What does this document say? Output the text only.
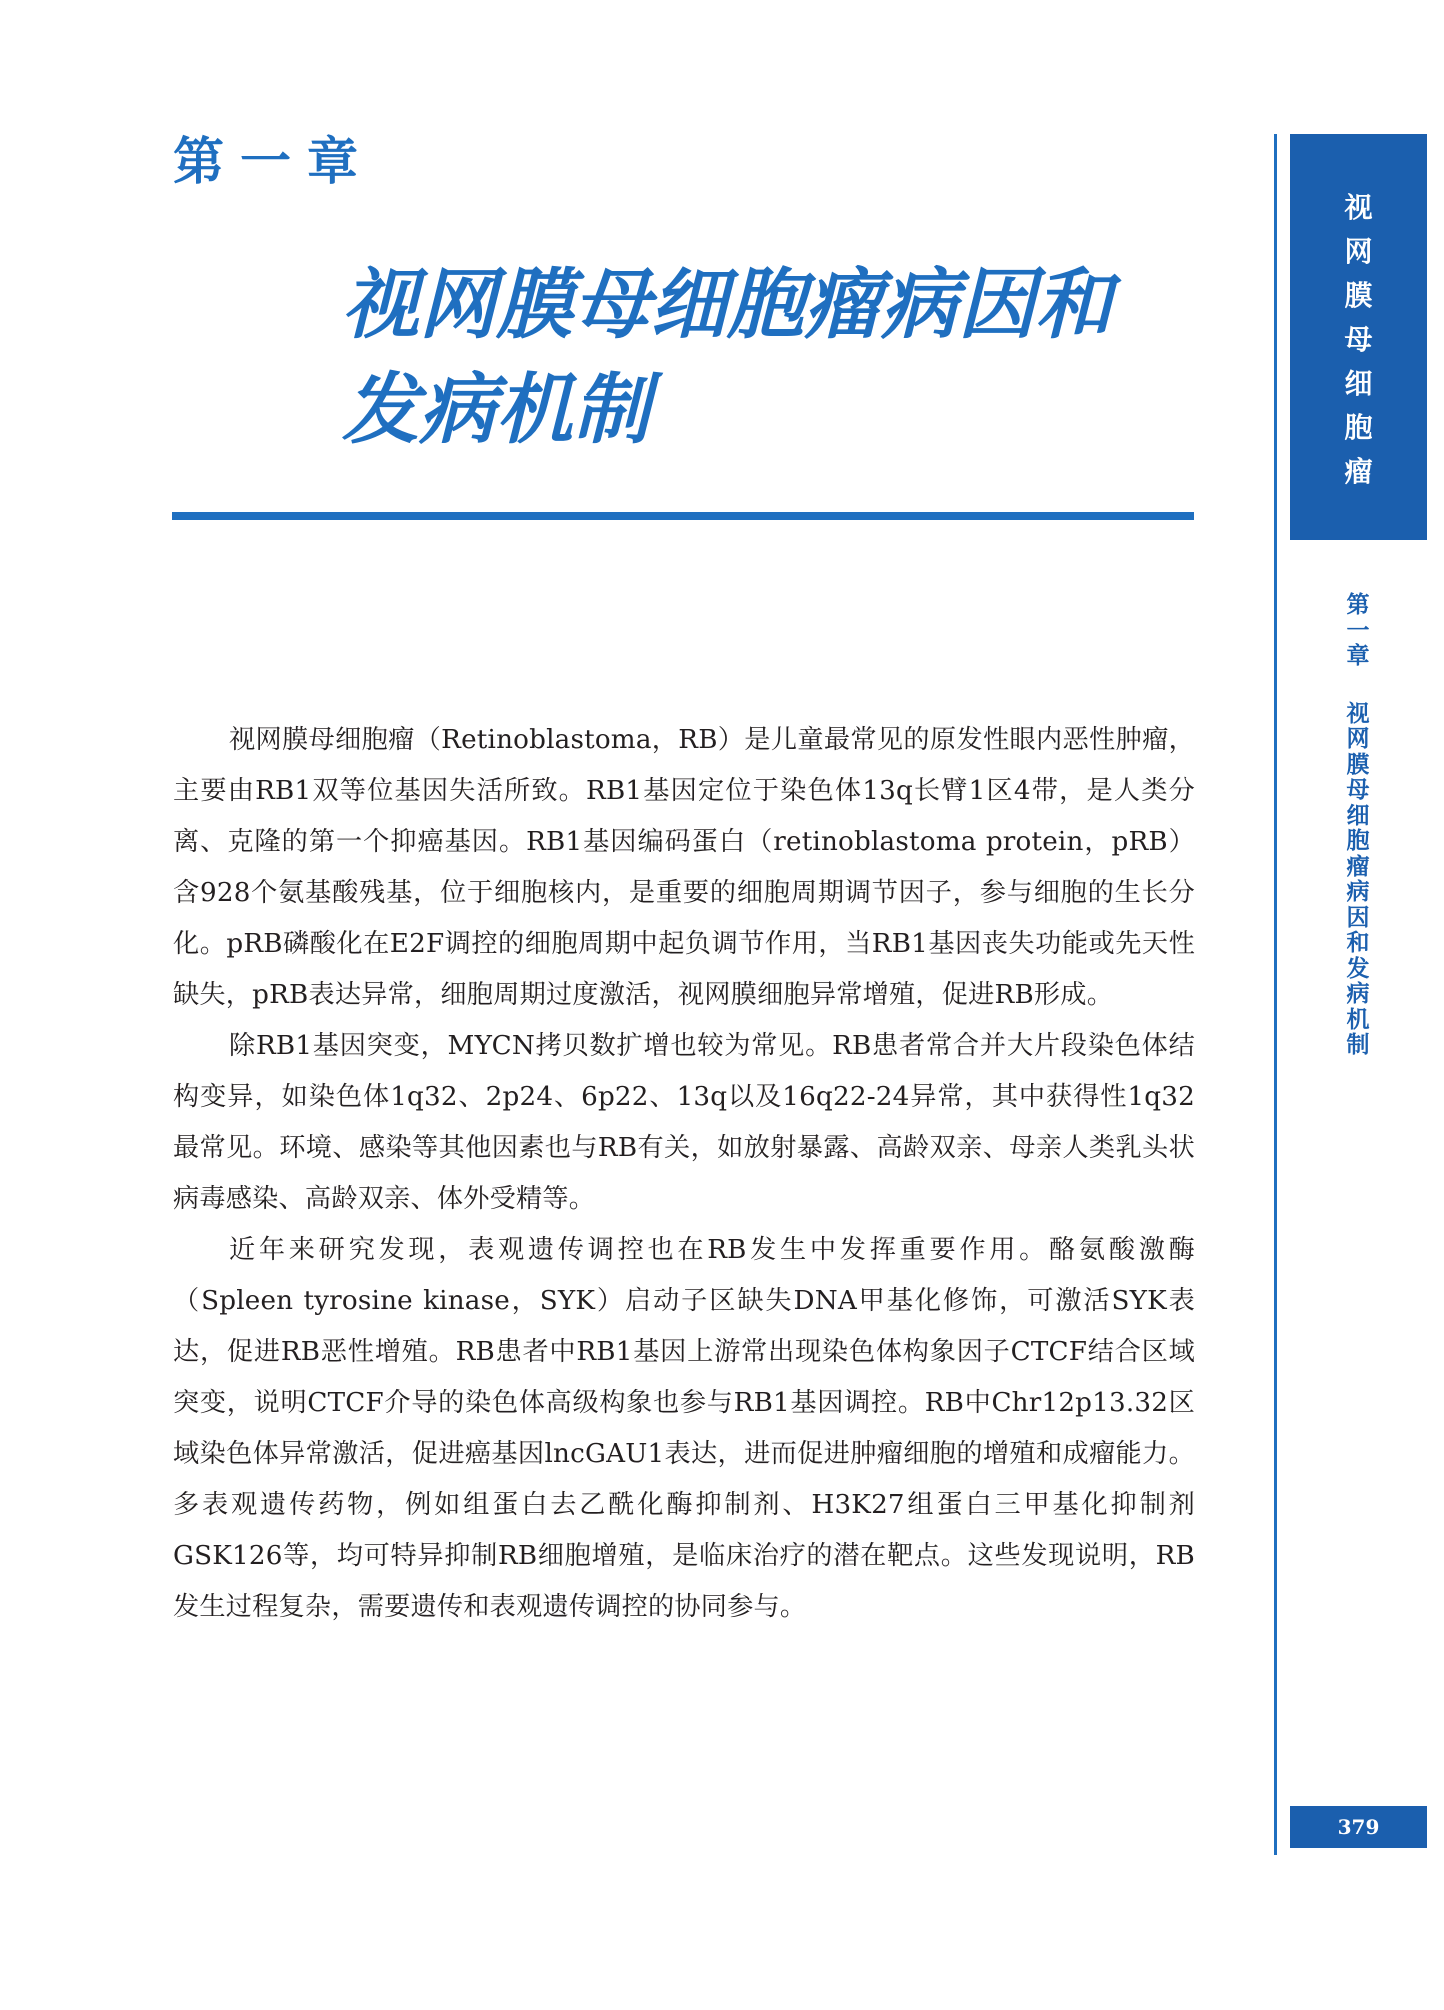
第一章
视网膜母细胞瘤病因和
发病机制
视
网
膜
母
细
胞
瘤
第
一
章
视
网
膜
母
细
胞
瘤
病
因
和
发
病
机
制
379

视网膜母细胞瘤（Retinoblastoma，RB）是儿童最常见的原发性眼内恶性肿瘤，主要由RB1双等位基因失活所致。RB1基因定位于染色体13q长臂1区4带，是人类分离、克隆的第一个抑癌基因。RB1基因编码蛋白（retinoblastoma protein，pRB）含928个氨基酸残基，位于细胞核内，是重要的细胞周期调节因子，参与细胞的生长分化。pRB磷酸化在E2F调控的细胞周期中起负调节作用，当RB1基因丧失功能或先天性缺失，pRB表达异常，细胞周期过度激活，视网膜细胞异常增殖，促进RB形成。

除RB1基因突变，MYCN拷贝数扩增也较为常见。RB患者常合并大片段染色体结构变异，如染色体1q32、2p24、6p22、13q以及16q22-24异常，其中获得性1q32最常见。环境、感染等其他因素也与RB有关，如放射暴露、高龄双亲、母亲人类乳头状病毒感染、高龄双亲、体外受精等。

近年来研究发现，表观遗传调控也在RB发生中发挥重要作用。酪氨酸激酶（Spleen tyrosine kinase，SYK）启动子区缺失DNA甲基化修饰，可激活SYK表达，促进RB恶性增殖。RB患者中RB1基因上游常出现染色体构象因子CTCF结合区域突变，说明CTCF介导的染色体高级构象也参与RB1基因调控。RB中Chr12p13.32区域染色体异常激活，促进癌基因lncGAU1表达，进而促进肿瘤细胞的增殖和成瘤能力。多表观遗传药物，例如组蛋白去乙酰化酶抑制剂、H3K27组蛋白三甲基化抑制剂GSK126等，均可特异抑制RB细胞增殖，是临床治疗的潜在靶点。这些发现说明，RB发生过程复杂，需要遗传和表观遗传调控的协同参与。
